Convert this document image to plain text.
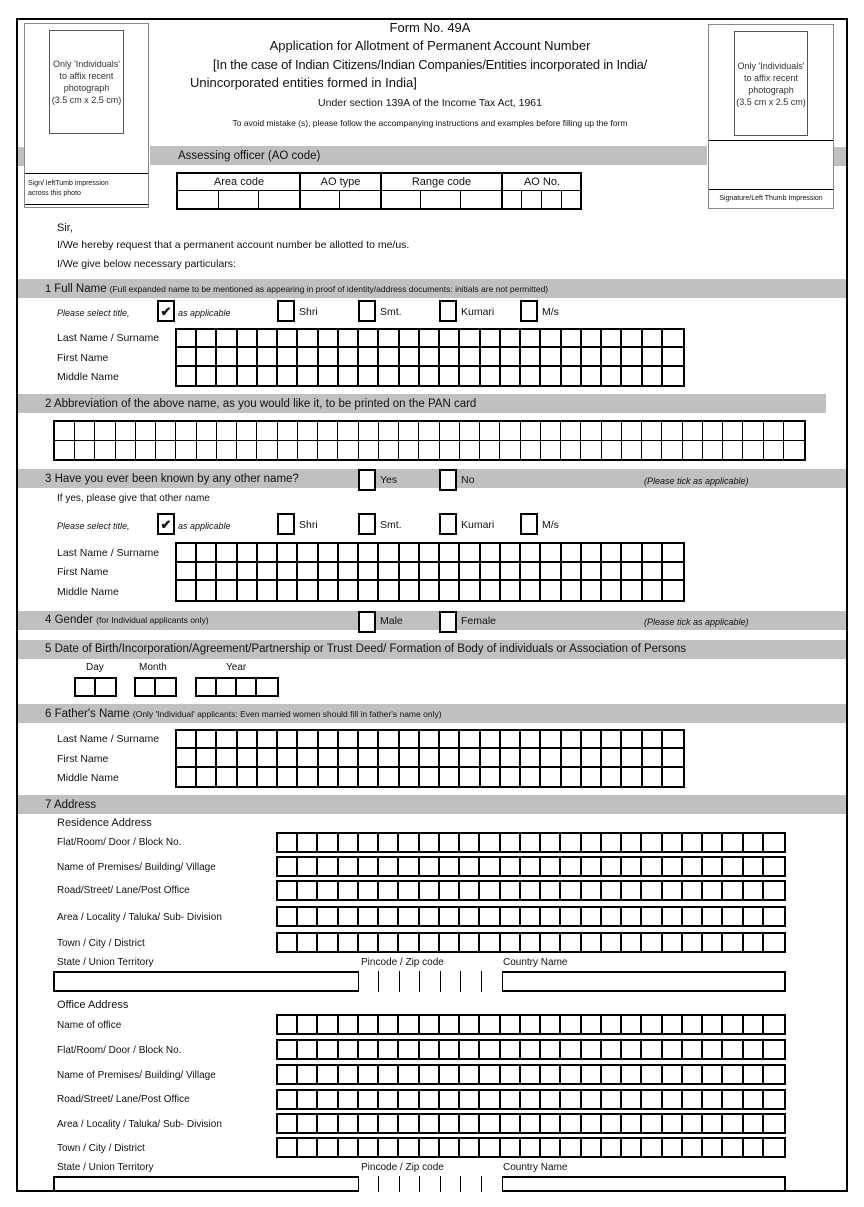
Form No. 49A
Application for Allotment of Permanent Account Number
[In the case of Indian Citizens/Indian Companies/Entities incorporated in India/
Unincorporated entities formed in India]
Under section 139A of the Income Tax Act, 1961
To avoid mistake (s), please follow the accompanying instructions and examples before filling up the form
Only 'Individuals'
to affix recent
photograph
(3.5 cm x 2.5 cm)
Sign/ leftTumb impression
across this photo
Only 'Individuals'
to affix recent
photograph
(3.5 cm x 2.5 cm)
Signature/Left Thumb Impression
Assessing officer (AO code)
Area code	AO type	Range code	AO No.
Sir,
I/We hereby request that a permanent account number be allotted to me/us.
I/We give below necessary particulars:
1 Full Name (Full expanded name to be mentioned as appearing in proof of identity/address documents: initials are not permitted)
Please select title, ✔ as applicable	Shri	Smt.	Kumari	M/s
Last Name / Surname
First Name
Middle Name
2 Abbreviation of the above name, as you would like it, to be printed on the PAN card
3 Have you ever been known by any other name?	Yes	No	(Please tick as applicable)
If yes, please give that other name
Please select title, ✔ as applicable	Shri	Smt.	Kumari	M/s
Last Name / Surname
First Name
Middle Name
4 Gender (for Individual applicants only)	Male	Female	(Please tick as applicable)
5 Date of Birth/Incorporation/Agreement/Partnership or Trust Deed/ Formation of Body of individuals or Association of Persons
Day	Month	Year
6 Father's Name (Only 'Individual' applicants: Even married women should fill in father's name only)
Last Name / Surname
First Name
Middle Name
7 Address
Residence Address
Flat/Room/ Door / Block No.
Name of Premises/ Building/ Village
Road/Street/ Lane/Post Office
Area / Locality / Taluka/ Sub- Division
Town / City / District
State / Union Territory	Pincode / Zip code	Country Name
Office Address
Name of office
Flat/Room/ Door / Block No.
Name of Premises/ Building/ Village
Road/Street/ Lane/Post Office
Area / Locality / Taluka/ Sub- Division
Town / City / District
State / Union Territory	Pincode / Zip code	Country Name
